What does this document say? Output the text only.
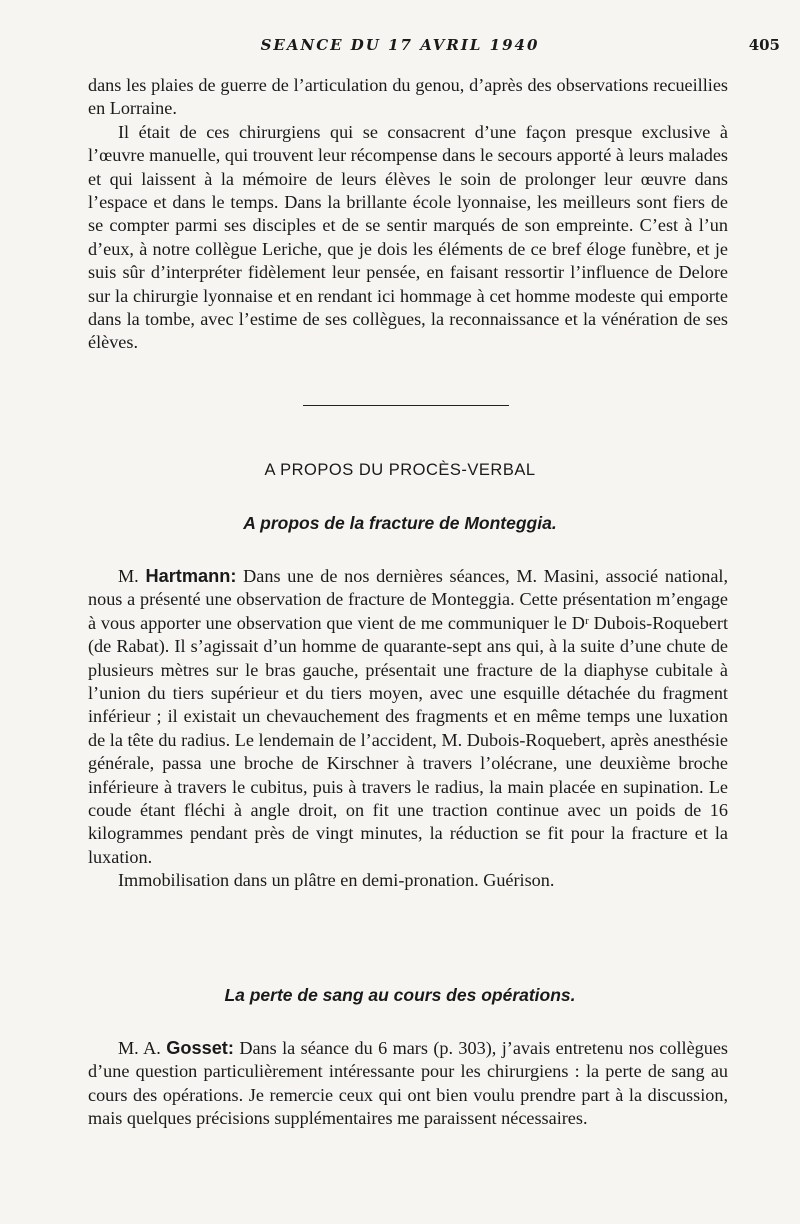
SEANCE DU 17 AVRIL 1940	405

dans les plaies de guerre de l’articulation du genou, d’après des observations recueillies en Lorraine.

Il était de ces chirurgiens qui se consacrent d’une façon presque exclusive à l’œuvre manuelle, qui trouvent leur récompense dans le secours apporté à leurs malades et qui laissent à la mémoire de leurs élèves le soin de prolonger leur œuvre dans l’espace et dans le temps. Dans la brillante école lyonnaise, les meilleurs sont fiers de se compter parmi ses disciples et de se sentir marqués de son empreinte. C’est à l’un d’eux, à notre collègue Leriche, que je dois les éléments de ce bref éloge funèbre, et je suis sûr d’interpréter fidèlement leur pensée, en faisant ressortir l’influence de Delore sur la chirurgie lyonnaise et en rendant ici hommage à cet homme modeste qui emporte dans la tombe, avec l’estime de ses collègues, la reconnaissance et la vénération de ses élèves.

A PROPOS DU PROCÈS-VERBAL
A propos de la fracture de Monteggia.

M. Hartmann: Dans une de nos dernières séances, M. Masini, associé national, nous a présenté une observation de fracture de Monteggia. Cette présentation m’engage à vous apporter une observation que vient de me communiquer le Dʳ Dubois-Roquebert (de Rabat). Il s’agissait d’un homme de quarante-sept ans qui, à la suite d’une chute de plusieurs mètres sur le bras gauche, présentait une fracture de la diaphyse cubitale à l’union du tiers supérieur et du tiers moyen, avec une esquille détachée du fragment inférieur ; il existait un chevauchement des fragments et en même temps une luxation de la tête du radius. Le lendemain de l’accident, M. Dubois-Roquebert, après anesthésie générale, passa une broche de Kirschner à travers l’olécrane, une deuxième broche inférieure à travers le cubitus, puis à travers le radius, la main placée en supination. Le coude étant fléchi à angle droit, on fit une traction continue avec un poids de 16 kilogrammes pendant près de vingt minutes, la réduction se fit pour la fracture et la luxation.

Immobilisation dans un plâtre en demi-pronation. Guérison.

La perte de sang au cours des opérations.

M. A. Gosset: Dans la séance du 6 mars (p. 303), j’avais entretenu nos collègues d’une question particulièrement intéressante pour les chirurgiens : la perte de sang au cours des opérations. Je remercie ceux qui ont bien voulu prendre part à la discussion, mais quelques précisions supplémentaires me paraissent nécessaires.
